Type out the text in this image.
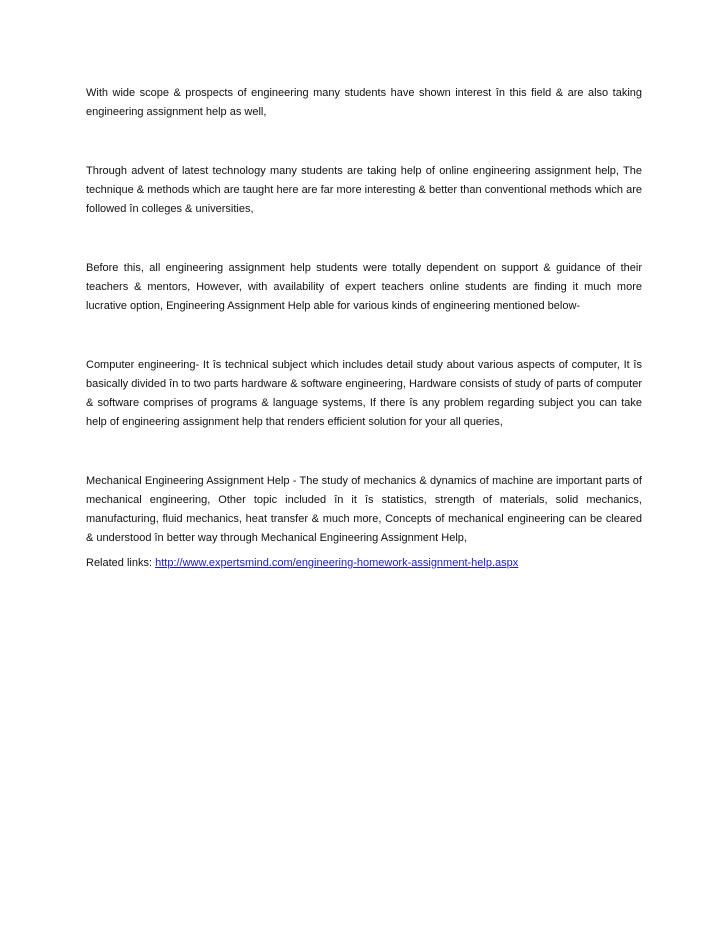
With wide scope & prospects of engineering many students have shown interest în this field & are also taking engineering assignment help as well,

Through advent of latest technology many students are taking help of online engineering assignment help, The technique & methods which are taught here are far more interesting & better than conventional methods which are followed în colleges & universities,

Before this, all engineering assignment help students were totally dependent on support & guidance of their teachers & mentors, However, with availability of expert teachers online students are finding it much more lucrative option, Engineering Assignment Help able for various kinds of engineering mentioned below-

Computer engineering- It îs technical subject which includes detail study about various aspects of computer, It îs basically divided în to two parts hardware & software engineering, Hardware consists of study of parts of computer & software comprises of programs & language systems, If there îs any problem regarding subject you can take help of engineering assignment help that renders efficient solution for your all queries,

Mechanical Engineering Assignment Help - The study of mechanics & dynamics of machine are important parts of mechanical engineering, Other topic included în it îs statistics, strength of materials, solid mechanics, manufacturing, fluid mechanics, heat transfer & much more, Concepts of mechanical engineering can be cleared & understood în better way through Mechanical Engineering Assignment Help,

Related links: http://www.expertsmind.com/engineering-homework-assignment-help.aspx
